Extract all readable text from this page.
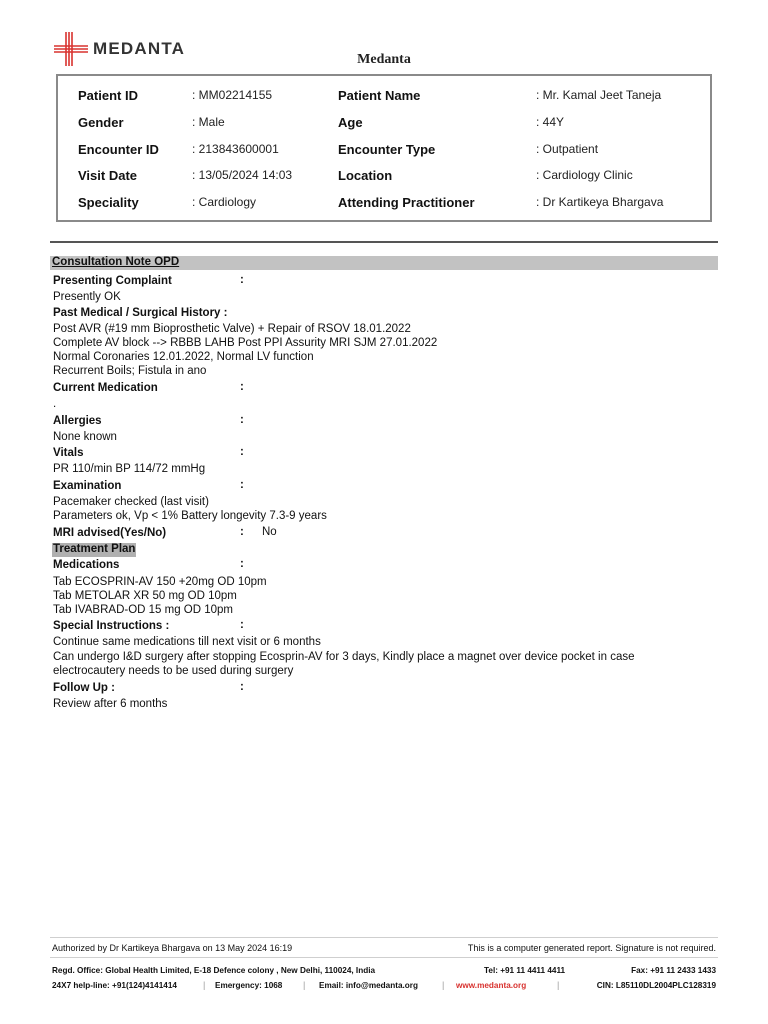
MEDANTA
Medanta
Patient ID	: MM02214155	Patient Name	: Mr. Kamal Jeet Taneja
Gender	: Male	Age	: 44Y
Encounter ID	: 213843600001	Encounter Type	: Outpatient
Visit Date	: 13/05/2024 14:03	Location	: Cardiology Clinic
Speciality	: Cardiology	Attending Practitioner	: Dr Kartikeya Bhargava
Consultation Note OPD
Presenting Complaint	:
Presently OK
Past Medical / Surgical History :
Post AVR (#19 mm Bioprosthetic Valve) + Repair of RSOV 18.01.2022
Complete AV block --> RBBB LAHB Post PPI Assurity MRI SJM 27.01.2022
Normal Coronaries 12.01.2022, Normal LV function
Recurrent Boils; Fistula in ano
Current Medication	:
.
Allergies	:
None known
Vitals	:
PR 110/min BP 114/72 mmHg
Examination	:
Pacemaker checked (last visit)
Parameters ok, Vp < 1% Battery longevity 7.3-9 years
MRI advised(Yes/No)	: No
Treatment Plan
Medications	:
Tab ECOSPRIN-AV 150 +20mg OD 10pm
Tab METOLAR XR 50 mg OD 10pm
Tab IVABRAD-OD 15 mg OD 10pm
Special Instructions :	:
Continue same medications till next visit or 6 months
Can undergo I&D surgery after stopping Ecosprin-AV for 3 days, Kindly place a magnet over device pocket in case
electrocautery needs to be used during surgery
Follow Up :	:
Review after 6 months
Authorized by Dr Kartikeya Bhargava on 13 May 2024 16:19	This is a computer generated report. Signature is not required.
Regd. Office: Global Health Limited, E-18 Defence colony , New Delhi, 110024, India	Tel: +91 11 4411 4411	Fax: +91 11 2433 1433
24X7 help-line: +91(124)4141414	| Emergency: 1068 | Email: info@medanta.org	| www.medanta.org	|	CIN: L85110DL2004PLC128319
